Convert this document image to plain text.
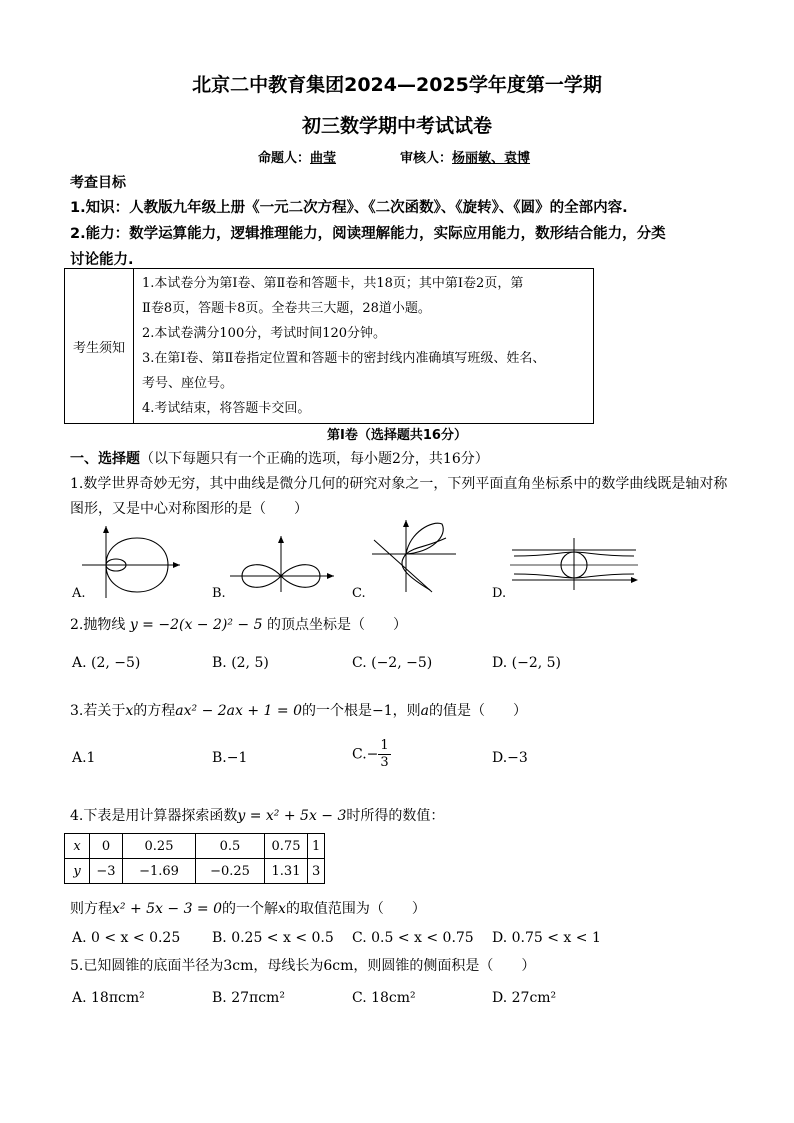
北京二中教育集团2024—2025学年度第一学期
初三数学期中考试试卷
命题人：曲莹	审核人：杨丽敏、袁博
考查目标
1.知识：人教版九年级上册《一元二次方程》、《二次函数》、《旋转》、《圆》的全部内容.
2.能力：数学运算能力，逻辑推理能力，阅读理解能力，实际应用能力，数形结合能力，分类
讨论能力.
考生须知	
1.本试卷分为第Ⅰ卷、第Ⅱ卷和答题卡，共18页；其中第Ⅰ卷2页，第
Ⅱ卷8页，答题卡8页。全卷共三大题，28道小题。
2.本试卷满分100分，考试时间120分钟。
3.在第Ⅰ卷、第Ⅱ卷指定位置和答题卡的密封线内准确填写班级、姓名、
考号、座位号。
4.考试结束，将答题卡交回。
第Ⅰ卷（选择题共16分）
一、选择题（以下每题只有一个正确的选项，每小题2分，共16分）
1.数学世界奇妙无穷，其中曲线是微分几何的研究对象之一，下列平面直角坐标系中的数学曲线既是轴对称
图形，又是中心对称图形的是（　　）
A.	B.	C.	D.
2.抛物线 y = −2(x − 2)² − 5 的顶点坐标是（　　）
A. (2, −5)	B. (2, 5)	C. (−2, −5)	D. (−2, 5)
3.若关于x的方程ax² − 2ax + 1 = 0的一个根是−1，则a的值是（　　）
A.1	B.−1	$C.- \frac{1}{3}$	D.−3
4.下表是用计算器探索函数y = x² + 5x − 3时所得的数值：
x	0	0.25	0.5	0.75	1
y	−3	−1.69	−0.25	1.31	3
则方程x² + 5x − 3 = 0的一个解x的取值范围为（　　）
A. 0 < x < 0.25 B. 0.25 < x < 0.5 C. 0.5 < x < 0.75 D. 0.75 < x < 1
5.已知圆锥的底面半径为3cm，母线长为6cm，则圆锥的侧面积是（　　）
A. 18πcm²	B. 27πcm²	C. 18cm²	D. 27cm²
